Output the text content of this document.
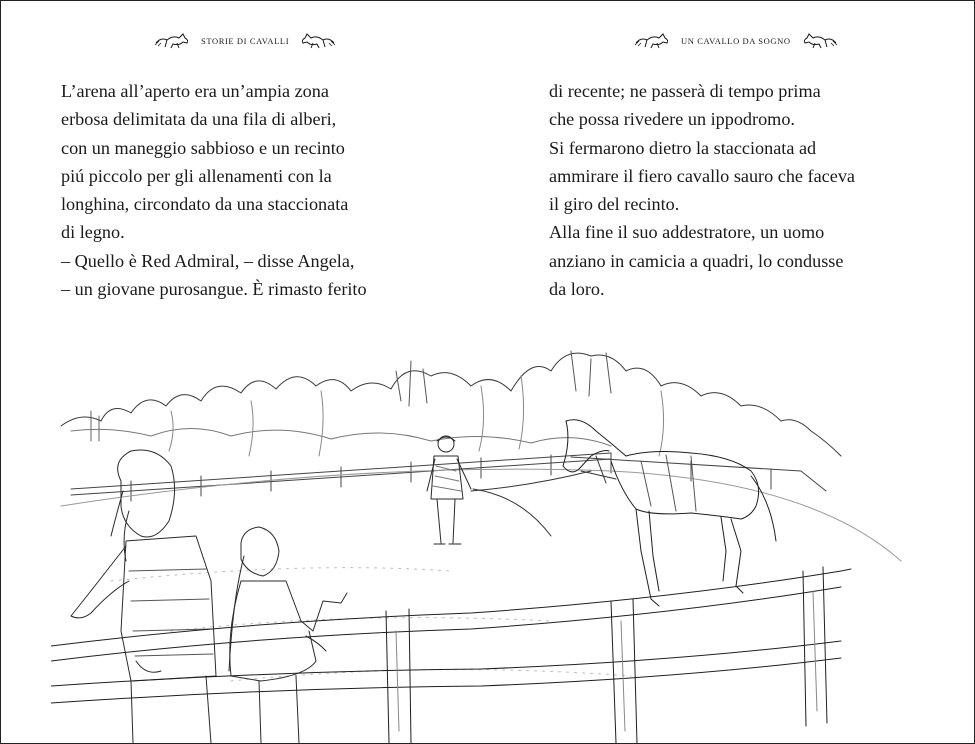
STORIE DI CAVALLI	UN CAVALLO DA SOGNO

L’arena all’aperto era un’ampia zona

erbosa delimitata da una fila di alberi,

con un maneggio sabbioso e un recinto

piú piccolo per gli allenamenti con la

longhina, circondato da una staccionata

di legno.

– Quello è Red Admiral, – disse Angela,

– un giovane purosangue. È rimasto ferito

di recente; ne passerà di tempo prima

che possa rivedere un ippodromo.

Si fermarono dietro la staccionata ad

ammirare il fiero cavallo sauro che faceva

il giro del recinto.

Alla fine il suo addestratore, un uomo

anziano in camicia a quadri, lo condusse

da loro.
